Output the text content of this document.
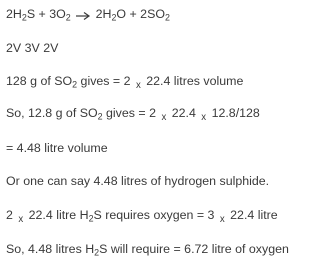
$2H_2S + 3O_2$ $2H_2O + 2SO_2$
2V 3V 2V
128 g of $SO_2$ gives = 2 $_x$ 22.4 litres volume
So, 12.8 g of $SO_2$ gives = 2 $_x$ 22.4 $_x$ 12.8/128
= 4.48 litre volume
Or one can say 4.48 litres of hydrogen sulphide.
2 $_x$ 22.4 litre $H_2S$ requires oxygen = 3 $_x$ 22.4 litre
So, 4.48 litres $H_2S$ will require = 6.72 litre of oxygen
